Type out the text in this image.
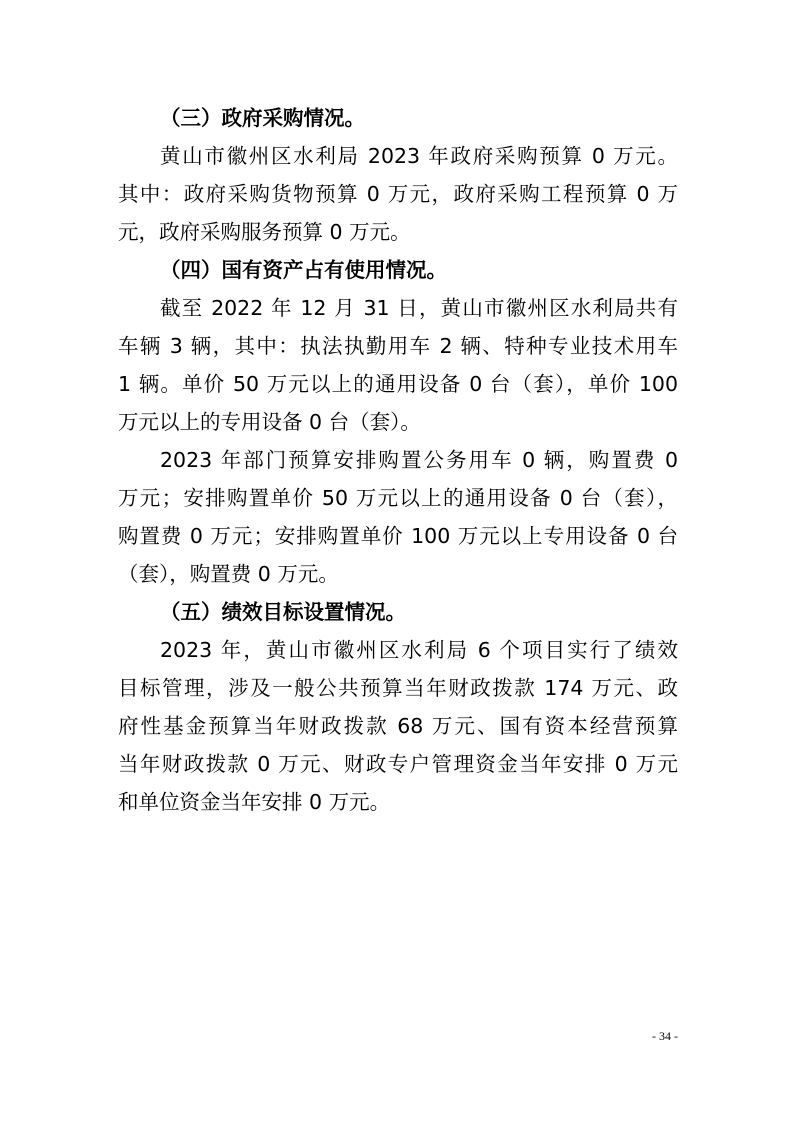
（三）政府采购情况。
黄山市徽州区水利局 2023 年政府采购预算 0 万元。
其中：政府采购货物预算 0 万元，政府采购工程预算 0 万
元，政府采购服务预算 0 万元。
（四）国有资产占有使用情况。
截至 2022 年 12 月 31 日，黄山市徽州区水利局共有
车辆 3 辆，其中：执法执勤用车 2 辆、特种专业技术用车
1 辆。单价 50 万元以上的通用设备 0 台（套），单价 100
万元以上的专用设备 0 台（套）。
2023 年部门预算安排购置公务用车 0 辆，购置费 0
万元；安排购置单价 50 万元以上的通用设备 0 台（套），
购置费 0 万元；安排购置单价 100 万元以上专用设备 0 台
（套），购置费 0 万元。
（五）绩效目标设置情况。
2023 年，黄山市徽州区水利局 6 个项目实行了绩效
目标管理，涉及一般公共预算当年财政拨款 174 万元、政
府性基金预算当年财政拨款 68 万元、国有资本经营预算
当年财政拨款 0 万元、财政专户管理资金当年安排 0 万元
和单位资金当年安排 0 万元。
- 34 -
